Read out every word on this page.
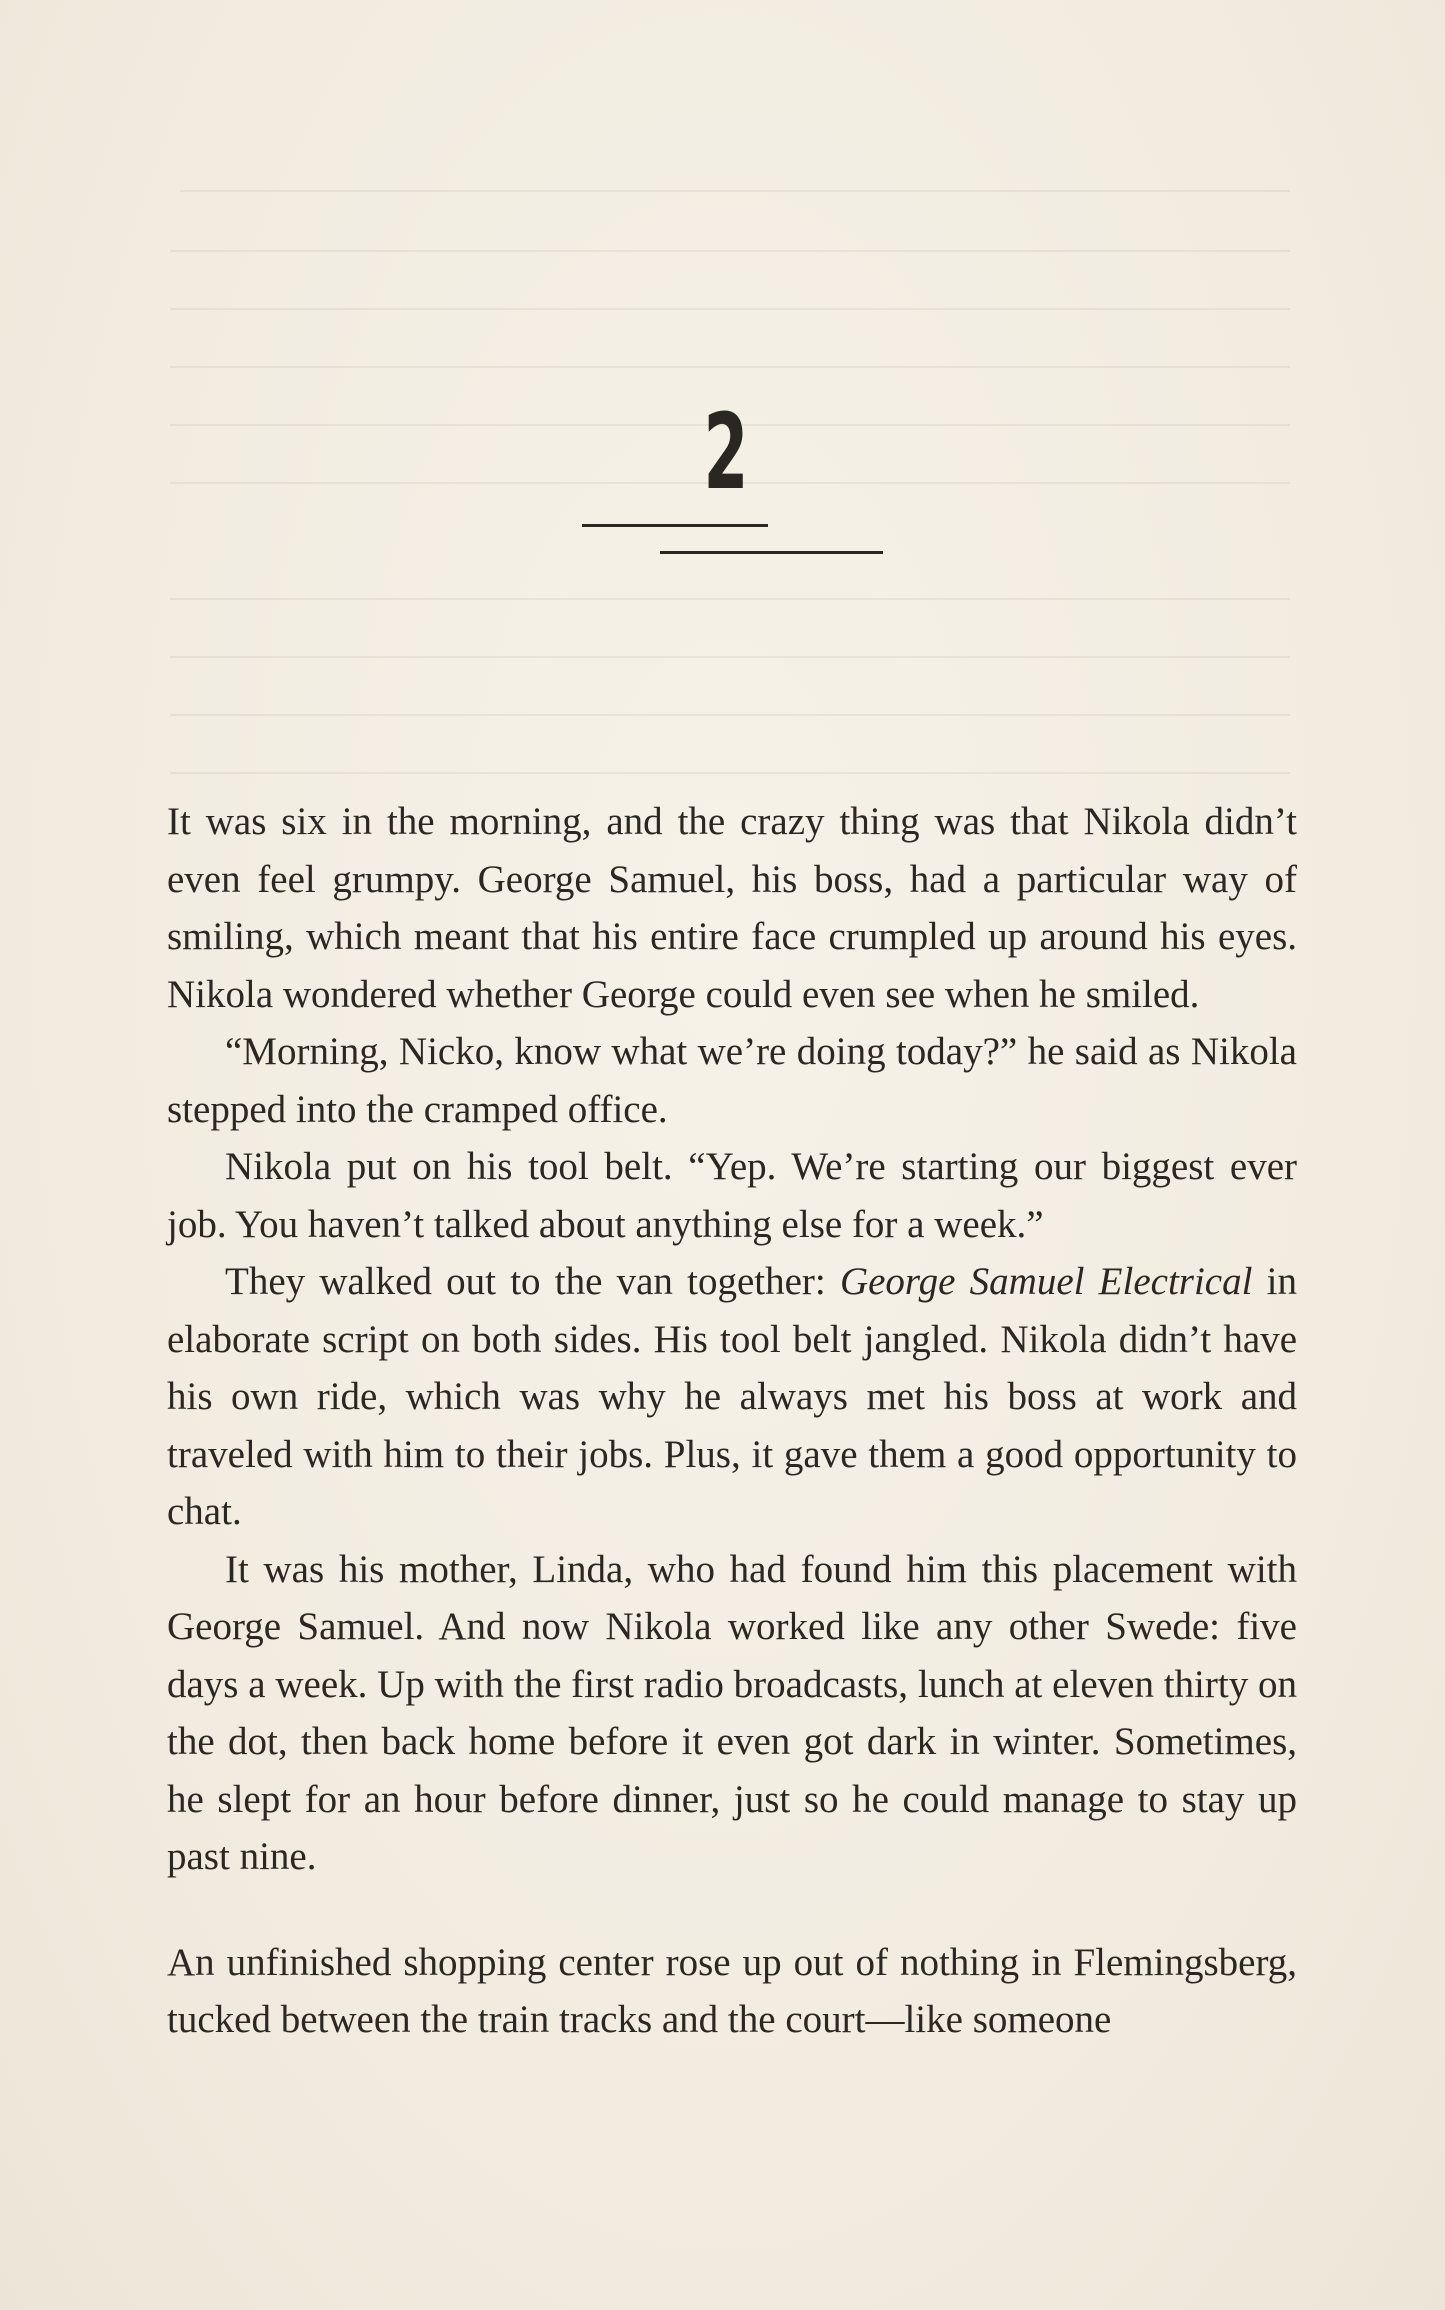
2

It was six in the morning, and the crazy thing was that Nikola didn’t even feel grumpy. George Samuel, his boss, had a particular way of smiling, which meant that his entire face crumpled up around his eyes. Nikola wondered whether George could even see when he smiled.

“Morning, Nicko, know what we’re doing today?” he said as Nikola stepped into the cramped office.

Nikola put on his tool belt. “Yep. We’re starting our biggest ever job. You haven’t talked about anything else for a week.”

They walked out to the van together: George Samuel Electrical in elaborate script on both sides. His tool belt jangled. Nikola didn’t have his own ride, which was why he always met his boss at work and traveled with him to their jobs. Plus, it gave them a good opportunity to chat.

It was his mother, Linda, who had found him this placement with George Samuel. And now Nikola worked like any other Swede: five days a week. Up with the first radio broadcasts, lunch at eleven thirty on the dot, then back home before it even got dark in winter. Sometimes, he slept for an hour before dinner, just so he could manage to stay up past nine.

An unfinished shopping center rose up out of nothing in Flemingsberg, tucked between the train tracks and the court—like someone
